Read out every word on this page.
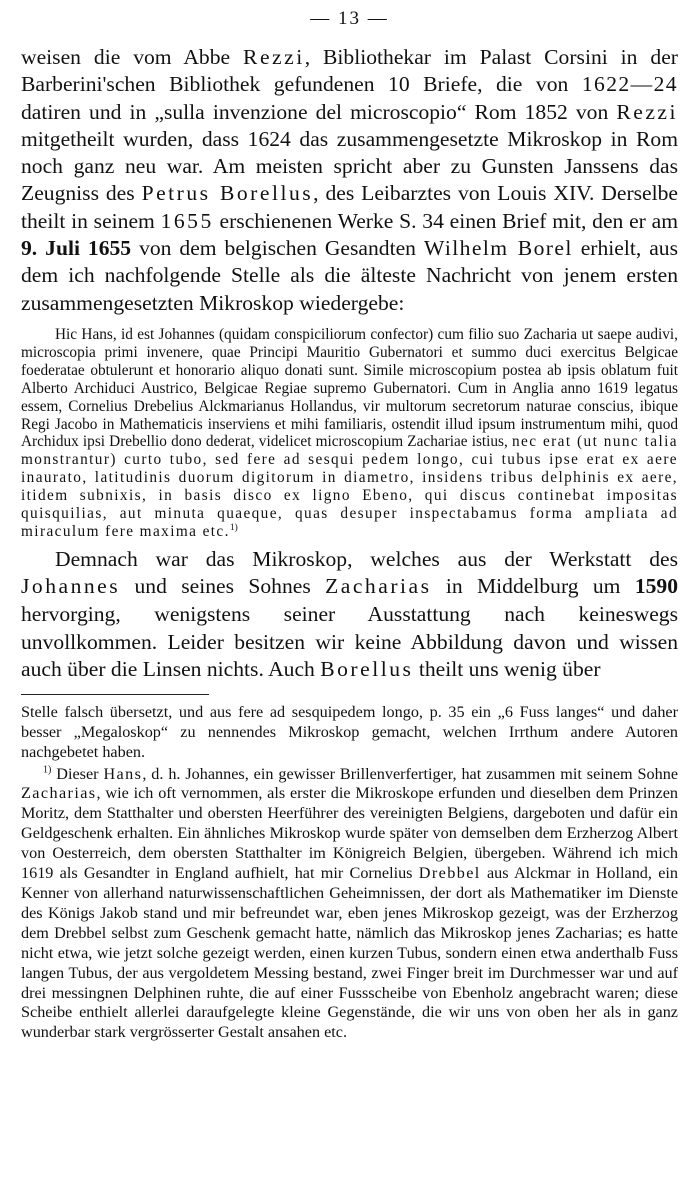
— 13 —

weisen die vom Abbe Rezzi, Bibliothekar im Palast Corsini in der Barberini'schen Bibliothek gefundenen 10 Briefe, die von 1622—24 datiren und in „sulla invenzione del microscopio“ Rom 1852 von Rezzi mitgetheilt wurden, dass 1624 das zusammengesetzte Mikroskop in Rom noch ganz neu war. Am meisten spricht aber zu Gunsten Janssens das Zeugniss des Petrus Borellus, des Leibarztes von Louis XIV. Derselbe theilt in seinem 1655 erschienenen Werke S. 34 einen Brief mit, den er am 9. Juli 1655 von dem belgischen Gesandten Wilhelm Borel erhielt, aus dem ich nachfolgende Stelle als die älteste Nachricht von jenem ersten zusammengesetzten Mikroskop wiedergebe:

Hic Hans, id est Johannes (quidam conspiciliorum confector) cum filio suo Zacharia ut saepe audivi, microscopia primi invenere, quae Principi Mauritio Gubernatori et summo duci exercitus Belgicae foederatae obtulerunt et honorario aliquo donati sunt. Simile microscopium postea ab ipsis oblatum fuit Alberto Archiduci Austrico, Belgicae Regiae supremo Gubernatori. Cum in Anglia anno 1619 legatus essem, Cornelius Drebelius Alckmarianus Hollandus, vir multorum secretorum naturae conscius, ibique Regi Jacobo in Mathematicis inserviens et mihi familiaris, ostendit illud ipsum instrumentum mihi, quod Archidux ipsi Drebellio dono dederat, videlicet microscopium Zachariae istius, nec erat (ut nunc talia monstrantur) curto tubo, sed fere ad sesqui pedem longo, cui tubus ipse erat ex aere inaurato, latitudinis duorum digitorum in diametro, insidens tribus delphinis ex aere, itidem subnixis, in basis disco ex ligno Ebeno, qui discus continebat impositas quisquilias, aut minuta quaeque, quas desuper inspectabamus forma ampliata ad miraculum fere maxima etc.$^{1)}$

Demnach war das Mikroskop, welches aus der Werkstatt des Johannes und seines Sohnes Zacharias in Middelburg um 1590 hervorging, wenigstens seiner Ausstattung nach keineswegs unvollkommen. Leider besitzen wir keine Abbildung davon und wissen auch über die Linsen nichts. Auch Borellus theilt uns wenig über

Stelle falsch übersetzt, und aus fere ad sesquipedem longo, p. 35 ein „6 Fuss langes“ und daher besser „Megaloskop“ zu nennendes Mikroskop gemacht, welchen Irrthum andere Autoren nachgebetet haben.

$^{1)}$ Dieser Hans, d. h. Johannes, ein gewisser Brillenverfertiger, hat zusammen mit seinem Sohne Zacharias, wie ich oft vernommen, als erster die Mikroskope erfunden und dieselben dem Prinzen Moritz, dem Statthalter und obersten Heerführer des vereinigten Belgiens, dargeboten und dafür ein Geldgeschenk erhalten. Ein ähnliches Mikroskop wurde später von demselben dem Erzherzog Albert von Oesterreich, dem obersten Statthalter im Königreich Belgien, übergeben. Während ich mich 1619 als Gesandter in England aufhielt, hat mir Cornelius Drebbel aus Alckmar in Holland, ein Kenner von allerhand naturwissenschaftlichen Geheimnissen, der dort als Mathematiker im Dienste des Königs Jakob stand und mir befreundet war, eben jenes Mikroskop gezeigt, was der Erzherzog dem Drebbel selbst zum Geschenk gemacht hatte, nämlich das Mikroskop jenes Zacharias; es hatte nicht etwa, wie jetzt solche gezeigt werden, einen kurzen Tubus, sondern einen etwa anderthalb Fuss langen Tubus, der aus vergoldetem Messing bestand, zwei Finger breit im Durchmesser war und auf drei messingnen Delphinen ruhte, die auf einer Fussscheibe von Ebenholz angebracht waren; diese Scheibe enthielt allerlei daraufgelegte kleine Gegenstände, die wir uns von oben her als in ganz wunderbar stark vergrösserter Gestalt ansahen etc.
